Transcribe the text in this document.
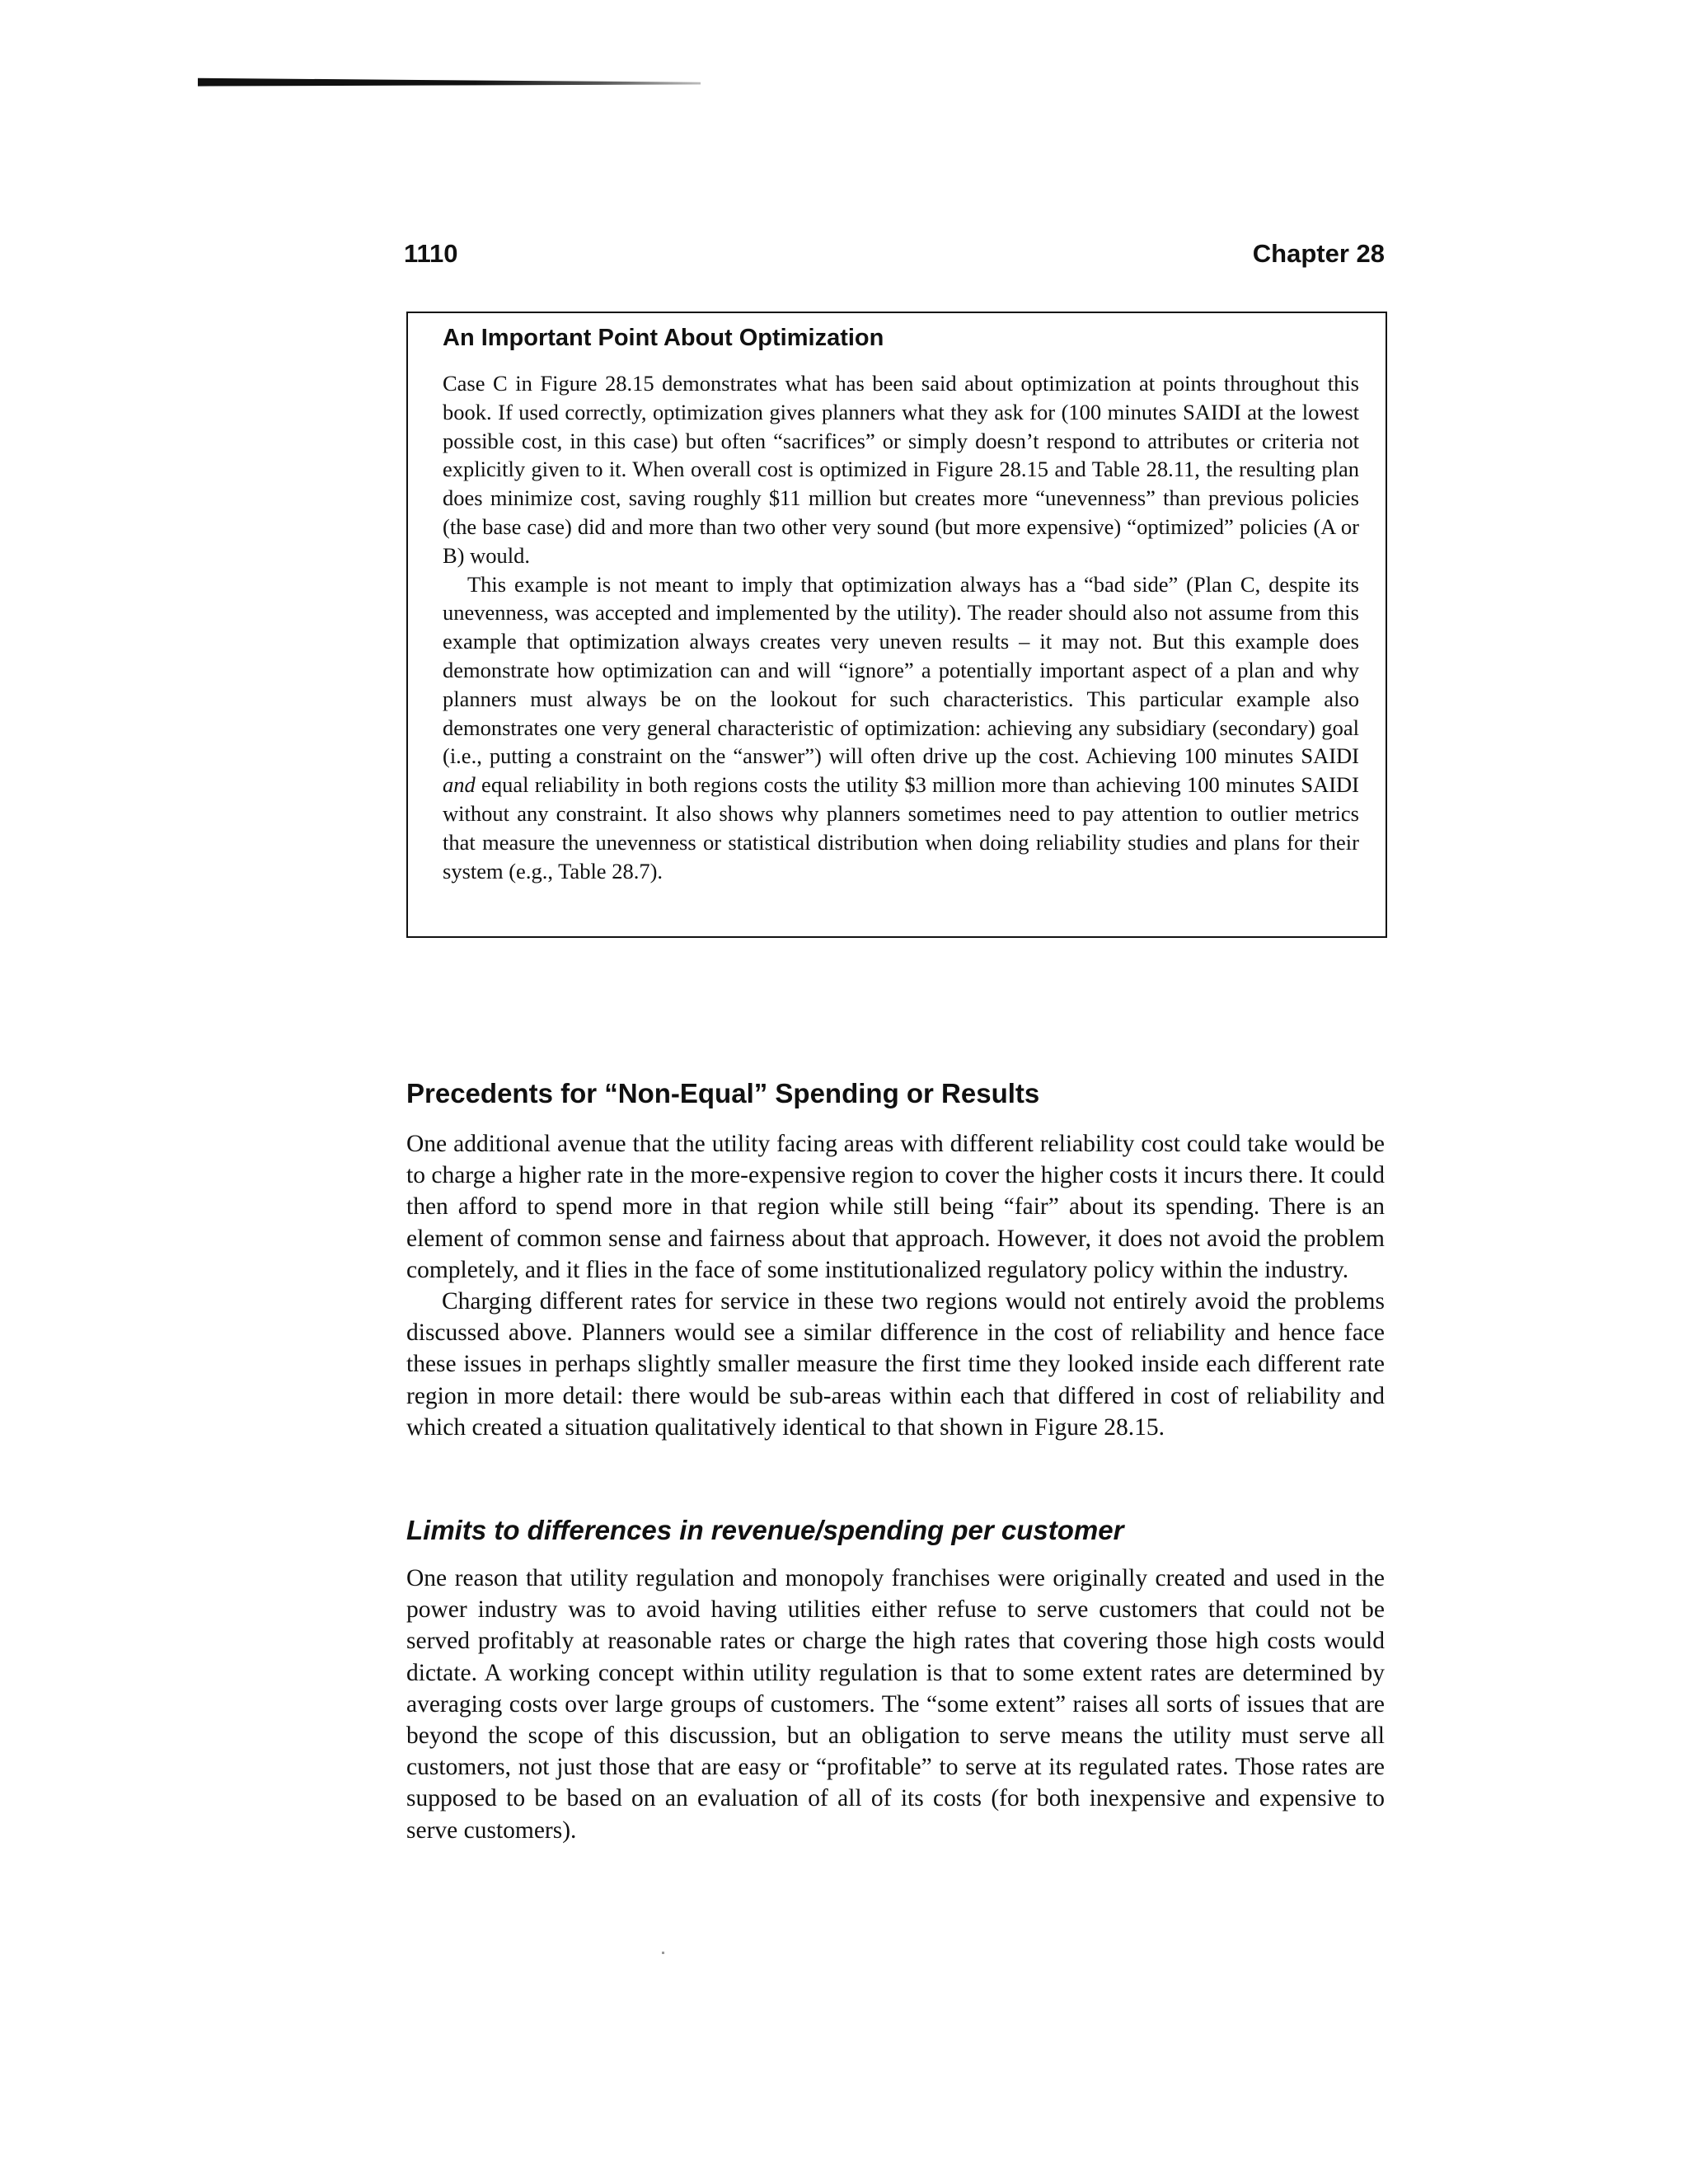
1110	Chapter 28
An Important Point About Optimization

Case C in Figure 28.15 demonstrates what has been said about optimization at points throughout this book. If used correctly, optimization gives planners what they ask for (100 minutes SAIDI at the lowest possible cost, in this case) but often “sacrifices” or simply doesn’t respond to attributes or criteria not explicitly given to it. When overall cost is optimized in Figure 28.15 and Table 28.11, the resulting plan does minimize cost, saving roughly $11 million but creates more “unevenness” than previous policies (the base case) did and more than two other very sound (but more expensive) “optimized” policies (A or B) would.

This example is not meant to imply that optimization always has a “bad side” (Plan C, despite its unevenness, was accepted and implemented by the utility). The reader should also not assume from this example that optimization always creates very uneven results – it may not. But this example does demonstrate how optimization can and will “ignore” a potentially important aspect of a plan and why planners must always be on the lookout for such characteristics. This particular example also demonstrates one very general characteristic of optimization: achieving any subsidiary (secondary) goal (i.e., putting a constraint on the “answer”) will often drive up the cost. Achieving 100 minutes SAIDI and equal reliability in both regions costs the utility $3 million more than achieving 100 minutes SAIDI without any constraint. It also shows why planners sometimes need to pay attention to outlier metrics that measure the unevenness or statistical distribution when doing reliability studies and plans for their system (e.g., Table 28.7).

Precedents for “Non-Equal” Spending or Results

One additional avenue that the utility facing areas with different reliability cost could take would be to charge a higher rate in the more-expensive region to cover the higher costs it incurs there. It could then afford to spend more in that region while still being “fair” about its spending. There is an element of common sense and fairness about that approach. However, it does not avoid the problem completely, and it flies in the face of some institutionalized regulatory policy within the industry.

Charging different rates for service in these two regions would not entirely avoid the problems discussed above. Planners would see a similar difference in the cost of reliability and hence face these issues in perhaps slightly smaller measure the first time they looked inside each different rate region in more detail: there would be sub-areas within each that differed in cost of reliability and which created a situation qualitatively identical to that shown in Figure 28.15.

Limits to differences in revenue/spending per customer

One reason that utility regulation and monopoly franchises were originally created and used in the power industry was to avoid having utilities either refuse to serve customers that could not be served profitably at reasonable rates or charge the high rates that covering those high costs would dictate. A working concept within utility regulation is that to some extent rates are determined by averaging costs over large groups of customers. The “some extent” raises all sorts of issues that are beyond the scope of this discussion, but an obligation to serve means the utility must serve all customers, not just those that are easy or “profitable” to serve at its regulated rates. Those rates are supposed to be based on an evaluation of all of its costs (for both inexpensive and expensive to serve customers).
